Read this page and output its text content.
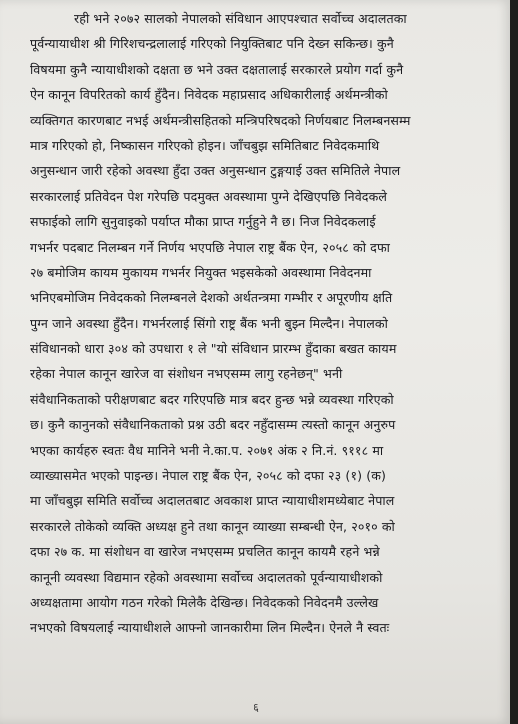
रही भने २०७२ सालको नेपालको संविधान आएपश्चात सर्वोच्च अदालतका
पूर्वन्यायाधीश श्री गिरिशचन्द्रलालाई गरिएको नियुक्तिबाट पनि देख्न सकिन्छ। कुनै
विषयमा कुनै न्यायाधीशको दक्षता छ भने उक्त दक्षतालाई सरकारले प्रयोग गर्दा कुनै
ऐन कानून विपरितको कार्य हुँदैन। निवेदक महाप्रसाद अधिकारीलाई अर्थमन्त्रीको
व्यक्तिगत कारणबाट नभई अर्थमन्त्रीसहितको मन्त्रिपरिषदको निर्णयबाट निलम्बनसम्म
मात्र गरिएको हो, निष्कासन गरिएको होइन। जाँचबुझ समितिबाट निवेदकमाथि
अनुसन्धान जारी रहेको अवस्था हुँदा उक्त अनुसन्धान टुङ्गयाई उक्त समितिले नेपाल
सरकारलाई प्रतिवेदन पेश गरेपछि पदमुक्त अवस्थामा पुग्ने देखिएपछि निवेदकले
सफाईको लागि सुनुवाइको पर्याप्त मौका प्राप्त गर्नुहुने नै छ। निज निवेदकलाई
गभर्नर पदबाट निलम्बन गर्ने निर्णय भएपछि नेपाल राष्ट्र बैंक ऐन, २०५८ को दफा
२७ बमोजिम कायम मुकायम गभर्नर नियुक्त भइसकेको अवस्थामा निवेदनमा
भनिएबमोजिम निवेदकको निलम्बनले देशको अर्थतन्त्रमा गम्भीर र अपूरणीय क्षति
पुग्न जाने अवस्था हुँदैन। गभर्नरलाई सिंगो राष्ट्र बैंक भनी बुझ्न मिल्दैन। नेपालको
संविधानको धारा ३०४ को उपधारा १ ले "यो संविधान प्रारम्भ हुँदाका बखत कायम
रहेका नेपाल कानून खारेज वा संशोधन नभएसम्म लागु रहनेछन्" भनी
संवैधानिकताको परीक्षणबाट बदर गरिएपछि मात्र बदर हुन्छ भन्ने व्यवस्था गरिएको
छ। कुनै कानुनको संवैधानिकताको प्रश्न उठी बदर नहुँदासम्म त्यस्तो कानून अनुरुप
भएका कार्यहरु स्वतः वैध मानिने भनी ने.का.प. २०७१ अंक २ नि.नं. ९११८ मा
व्याख्यासमेत भएको पाइन्छ। नेपाल राष्ट्र बैंक ऐन, २०५८ को दफा २३ (१) (क)
मा जाँचबुझ समिति सर्वोच्च अदालतबाट अवकाश प्राप्त न्यायाधीशमध्येबाट नेपाल
सरकारले तोकेको व्यक्ति अध्यक्ष हुने तथा कानून व्याख्या सम्बन्धी ऐन, २०१० को
दफा २७ क. मा संशोधन वा खारेज नभएसम्म प्रचलित कानून कायमै रहने भन्ने
कानूनी व्यवस्था विद्यमान रहेको अवस्थामा सर्वोच्च अदालतको पूर्वन्यायाधीशको
अध्यक्षतामा आयोग गठन गरेको मिलेकै देखिन्छ। निवेदकको निवेदनमै उल्लेख
नभएको विषयलाई न्यायाधीशले आफ्नो जानकारीमा लिन मिल्दैन। ऐनले नै स्वतः
६
